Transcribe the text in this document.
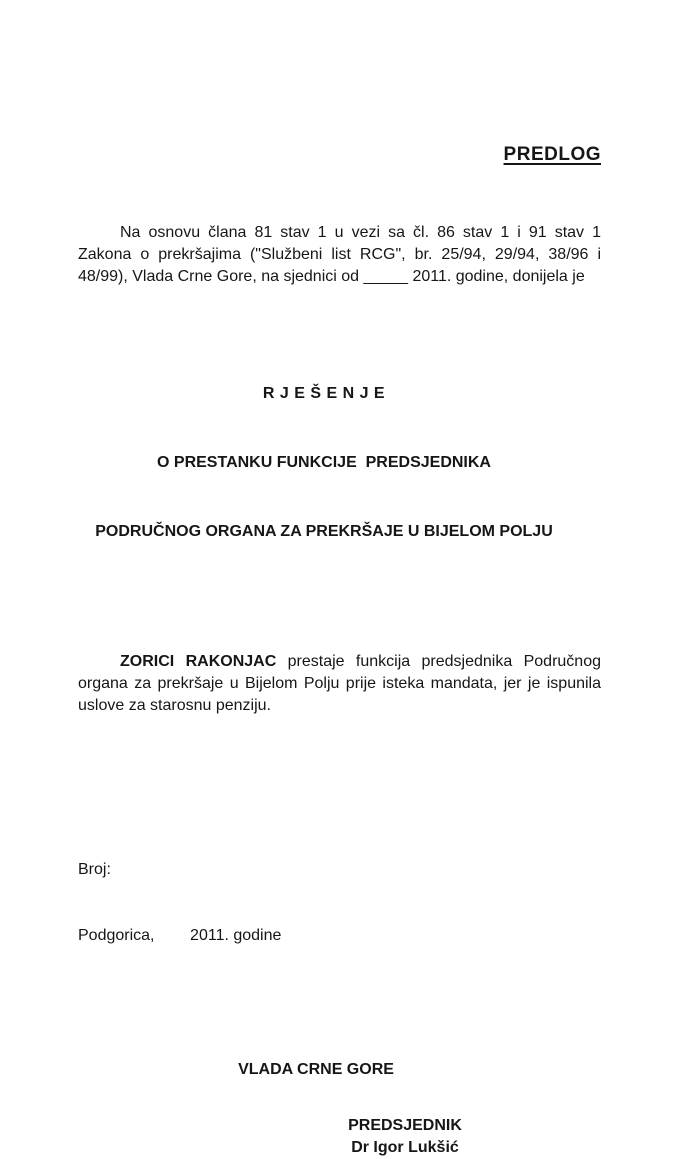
PREDLOG

Na osnovu člana 81 stav 1 u vezi sa čl. 86 stav 1 i 91 stav 1 Zakona o prekršajima ("Službeni list RCG", br. 25/94, 29/94, 38/96 i 48/99), Vlada Crne Gore, na sjednici od _____ 2011. godine, donijela je

R J E Š E N J E

O PRESTANKU FUNKCIJE  PREDSJEDNIKA

PODRUČNOG ORGANA ZA PREKRŠAJE U BIJELOM POLJU

ZORICI RAKONJAC prestaje funkcija predsjednika Područnog organa za prekršaje u Bijelom Polju prije isteka mandata, jer je ispunila uslove za starosnu penziju.

Broj:

Podgorica,        2011. godine

VLADA CRNE GORE
PREDSJEDNIK
Dr Igor Lukšić
